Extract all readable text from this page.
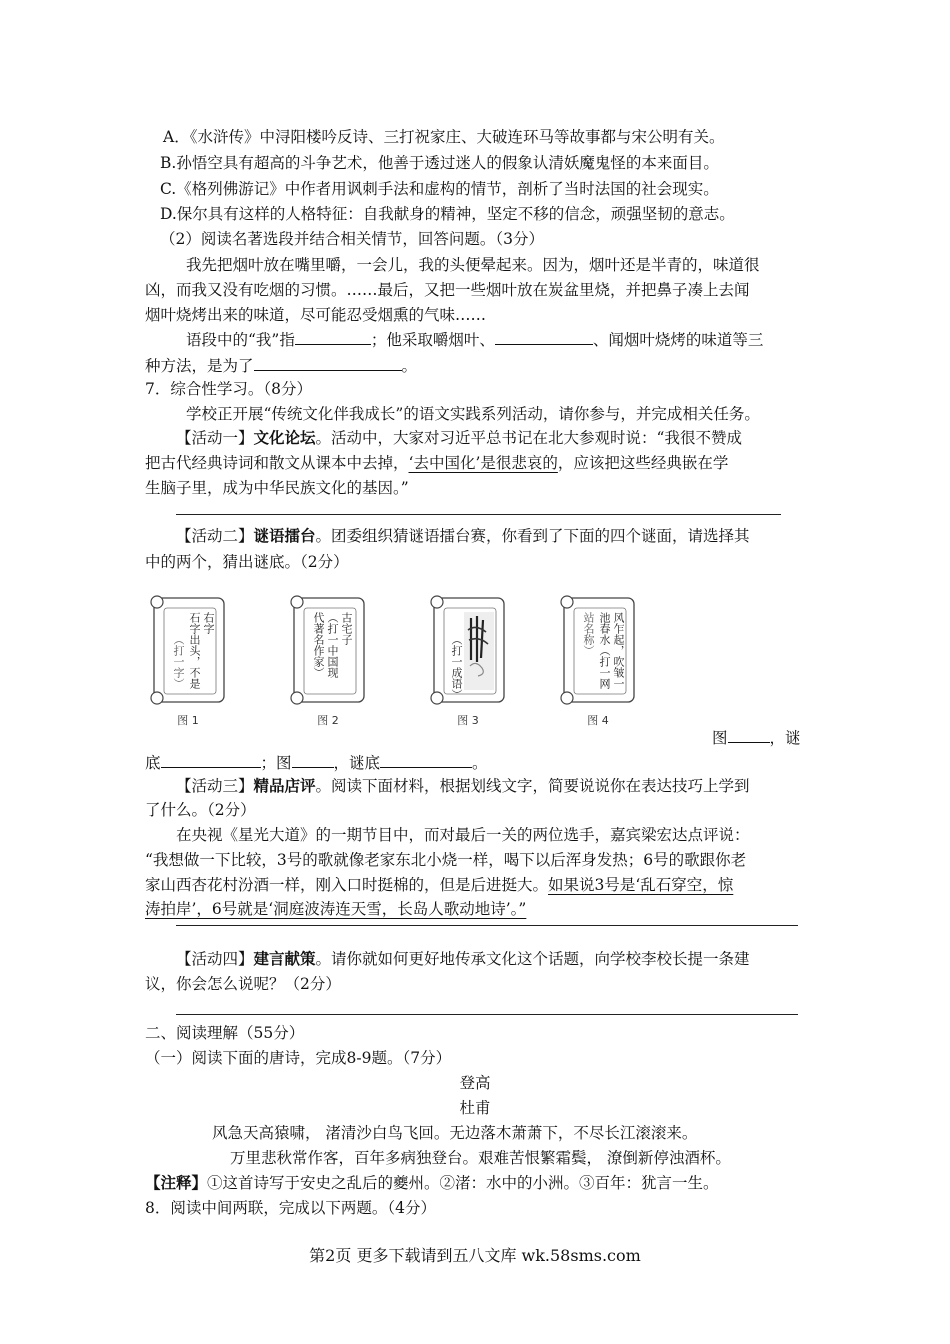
A．《水浒传》中浔阳楼吟反诗、三打祝家庄、大破连环马等故事都与宋公明有关。
B.孙悟空具有超高的斗争艺术，他善于透过迷人的假象认清妖魔鬼怪的本来面目。
C.《格列佛游记》中作者用讽刺手法和虚构的情节，剖析了当时法国的社会现实。
D.保尔具有这样的人格特征：自我献身的精神，坚定不移的信念，顽强坚韧的意志。
（2）阅读名著选段并结合相关情节，回答问题。（3分）
我先把烟叶放在嘴里嚼，一会儿，我的头便晕起来。因为，烟叶还是半青的，味道很
凶，而我又没有吃烟的习惯。……最后，又把一些烟叶放在炭盆里烧，并把鼻子凑上去闻
烟叶烧烤出来的味道，尽可能忍受烟熏的气味……
语段中的“我”指	；他采取嚼烟叶、	、闻烟叶烧烤的味道等三
种方法，是为了	。
7．综合性学习。（8分）
学校正开展“传统文化伴我成长”的语文实践系列活动，请你参与，并完成相关任务。
【活动一】文化论坛。活动中，大家对习近平总书记在北大参观时说：“我很不赞成
把古代经典诗词和散文从课本中去掉，‘去中国化’是很悲哀的，应该把这些经典嵌在学
生脑子里，成为中华民族文化的基因。”
【活动二】谜语擂台。团委组织猜谜语擂台赛，你看到了下面的四个谜面，请选择其
中的两个，猜出谜底。（2分）
石字出头，不是 右字
（打一字）
图 1
古宅子
（打一中国现
代著名作家）
图 2
（打一成语）
图 3
风乍起，吹皱一
池春水（打一网
站名称）
图 4
图	，谜
底	；图	，谜底	。
【活动三】精品店评。阅读下面材料，根据划线文字，简要说说你在表达技巧上学到
了什么。（2分）
在央视《星光大道》的一期节目中，而对最后一关的两位选手，嘉宾梁宏达点评说：
“我想做一下比较，3号的歌就像老家东北小烧一样，喝下以后浑身发热；6号的歌跟你老
家山西杏花村汾酒一样，刚入口时挺棉的，但是后进挺大。如果说3号是‘乱石穿空，惊
涛拍岸’，6号就是‘洞庭波涛连天雪，长岛人歌动地诗’。”
【活动四】建言献策。请你就如何更好地传承文化这个话题，向学校李校长提一条建
议，你会怎么说呢？（2分）
二、阅读理解（55分）
（一）阅读下面的唐诗，完成8-9题。（7分）
登高
杜甫
风急天高猿啸， 渚清沙白鸟飞回。无边落木萧萧下，不尽长江滚滚来。
万里悲秋常作客，百年多病独登台。艰难苦恨繁霜鬓， 潦倒新停浊酒杯。
【注释】①这首诗写于安史之乱后的夔州。②渚：水中的小洲。③百年：犹言一生。
8．阅读中间两联，完成以下两题。（4分）
第2页 更多下载请到五八文库 wk.58sms.com
